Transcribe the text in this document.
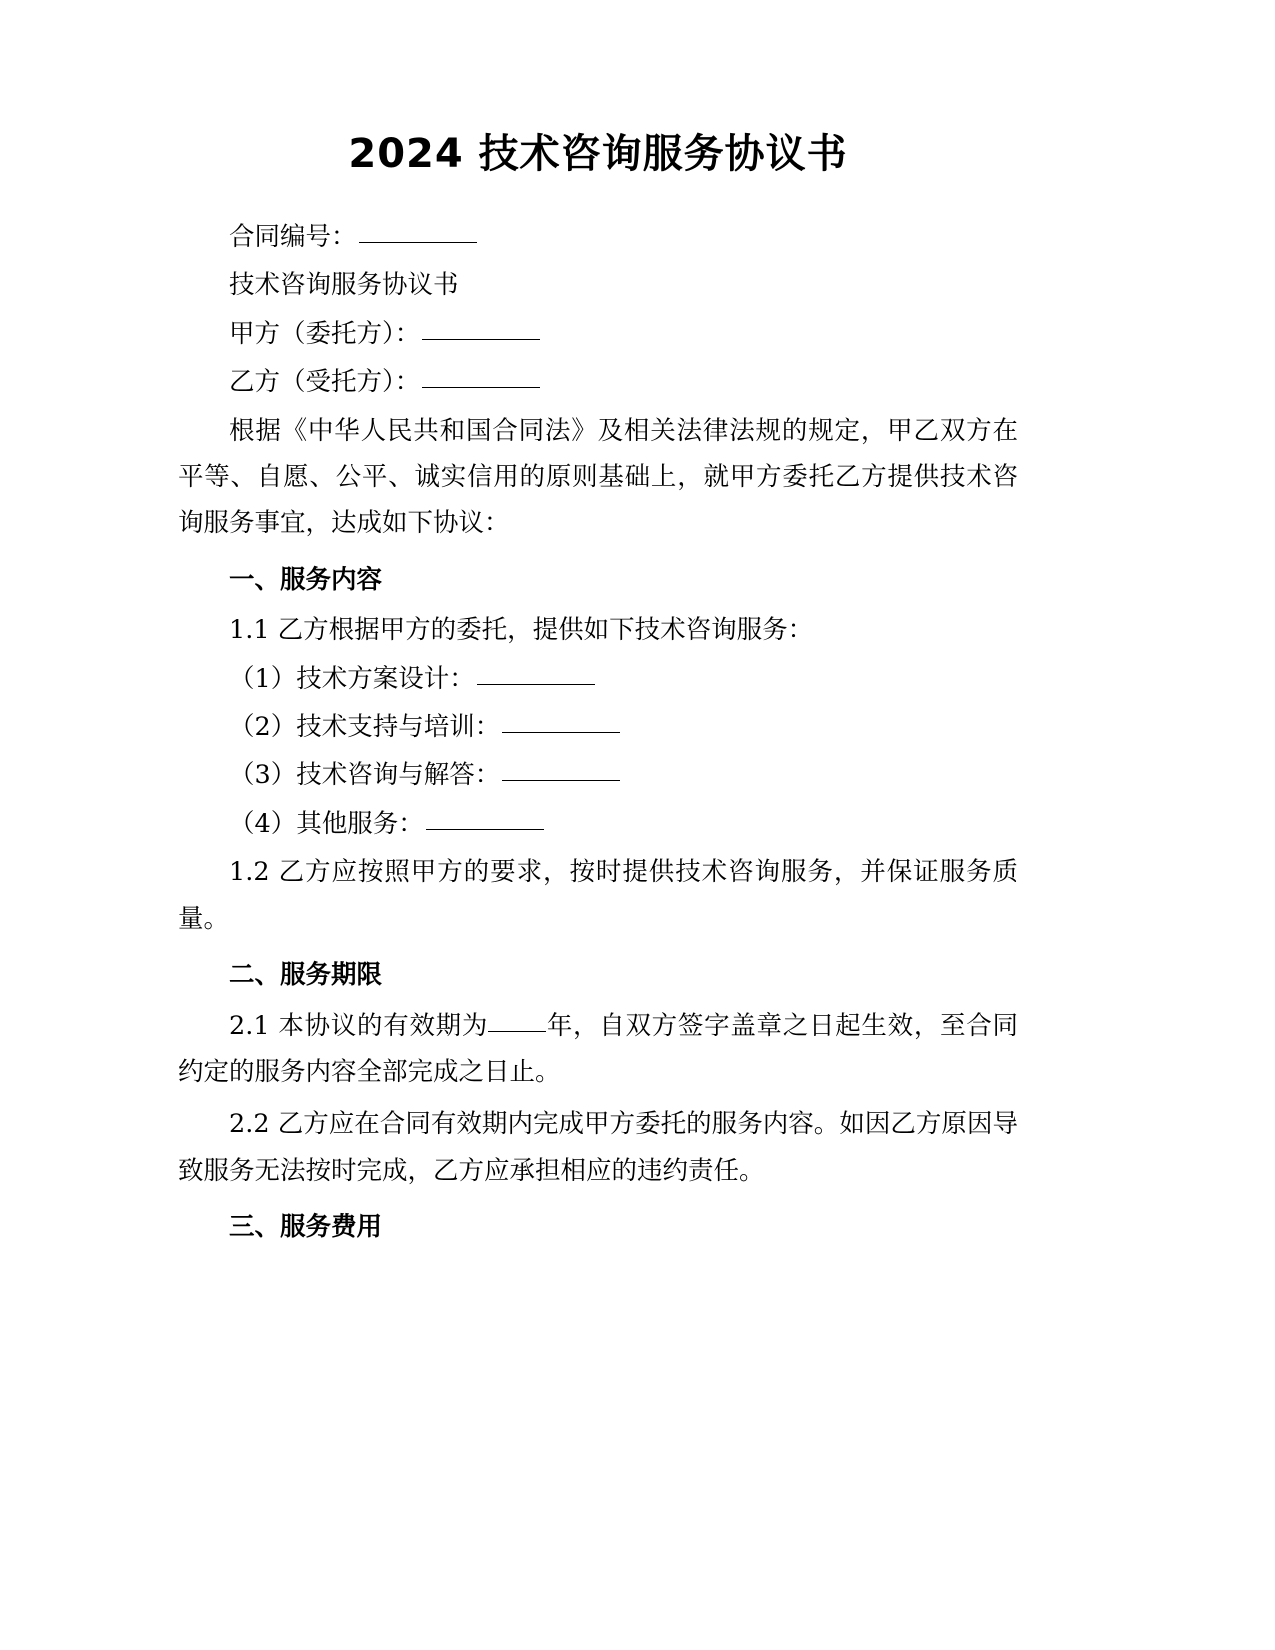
2024 技术咨询服务协议书

合同编号：

技术咨询服务协议书

甲方（委托方）：

乙方（受托方）：

根据《中华人民共和国合同法》及相关法律法规的规定，甲乙双方在平等、自愿、公平、诚实信用的原则基础上，就甲方委托乙方提供技术咨询服务事宜，达成如下协议：

一、服务内容

1.1 乙方根据甲方的委托，提供如下技术咨询服务：

（1）技术方案设计：

（2）技术支持与培训：

（3）技术咨询与解答：

（4）其他服务：

1.2 乙方应按照甲方的要求，按时提供技术咨询服务，并保证服务质量。

二、服务期限

2.1 本协议的有效期为 年，自双方签字盖章之日起生效，至合同约定的服务内容全部完成之日止。

2.2 乙方应在合同有效期内完成甲方委托的服务内容。如因乙方原因导致服务无法按时完成，乙方应承担相应的违约责任。

三、服务费用
